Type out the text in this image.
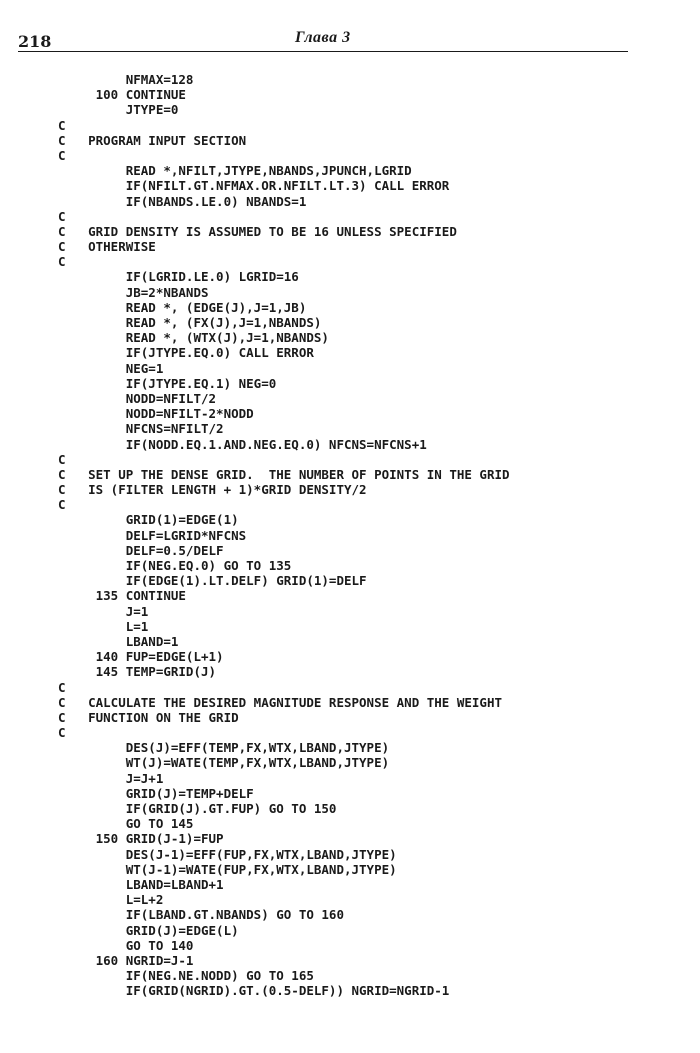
218	Глава 3
NFMAX=128
100 CONTINUE
JTYPE=0
C
C   PROGRAM INPUT SECTION
C
READ *,NFILT,JTYPE,NBANDS,JPUNCH,LGRID
IF(NFILT.GT.NFMAX.OR.NFILT.LT.3) CALL ERROR
IF(NBANDS.LE.0) NBANDS=1
C
C   GRID DENSITY IS ASSUMED TO BE 16 UNLESS SPECIFIED
C   OTHERWISE
C
IF(LGRID.LE.0) LGRID=16
JB=2*NBANDS
READ *, (EDGE(J),J=1,JB)
READ *, (FX(J),J=1,NBANDS)
READ *, (WTX(J),J=1,NBANDS)
IF(JTYPE.EQ.0) CALL ERROR
NEG=1
IF(JTYPE.EQ.1) NEG=0
NODD=NFILT/2
NODD=NFILT-2*NODD
NFCNS=NFILT/2
IF(NODD.EQ.1.AND.NEG.EQ.0) NFCNS=NFCNS+1
C
C   SET UP THE DENSE GRID.  THE NUMBER OF POINTS IN THE GRID
C   IS (FILTER LENGTH + 1)*GRID DENSITY/2
C
GRID(1)=EDGE(1)
DELF=LGRID*NFCNS
DELF=0.5/DELF
IF(NEG.EQ.0) GO TO 135
IF(EDGE(1).LT.DELF) GRID(1)=DELF
135 CONTINUE
J=1
L=1
LBAND=1
140 FUP=EDGE(L+1)
145 TEMP=GRID(J)
C
C   CALCULATE THE DESIRED MAGNITUDE RESPONSE AND THE WEIGHT
C   FUNCTION ON THE GRID
C
DES(J)=EFF(TEMP,FX,WTX,LBAND,JTYPE)
WT(J)=WATE(TEMP,FX,WTX,LBAND,JTYPE)
J=J+1
GRID(J)=TEMP+DELF
IF(GRID(J).GT.FUP) GO TO 150
GO TO 145
150 GRID(J-1)=FUP
DES(J-1)=EFF(FUP,FX,WTX,LBAND,JTYPE)
WT(J-1)=WATE(FUP,FX,WTX,LBAND,JTYPE)
LBAND=LBAND+1
L=L+2
IF(LBAND.GT.NBANDS) GO TO 160
GRID(J)=EDGE(L)
GO TO 140
160 NGRID=J-1
IF(NEG.NE.NODD) GO TO 165
IF(GRID(NGRID).GT.(0.5-DELF)) NGRID=NGRID-1
